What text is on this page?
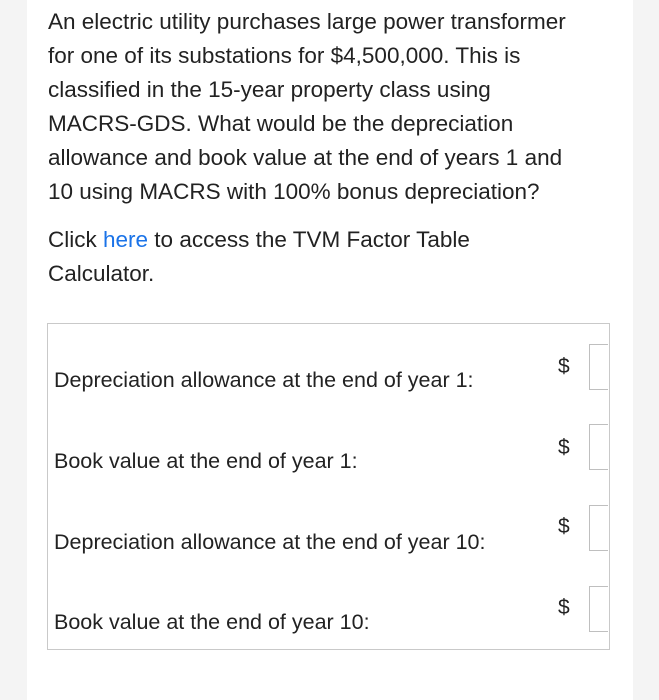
An electric utility purchases large power transformer

for one of its substations for $4,500,000. This is

classified in the 15-year property class using

MACRS-GDS. What would be the depreciation

allowance and book value at the end of years 1 and

10 using MACRS with 100% bonus depreciation?

Click here to access the TVM Factor Table
Calculator.
Depreciation allowance at the end of year 1:
$
Book value at the end of year 1:
$
Depreciation allowance at the end of year 10:
$
Book value at the end of year 10:
$
